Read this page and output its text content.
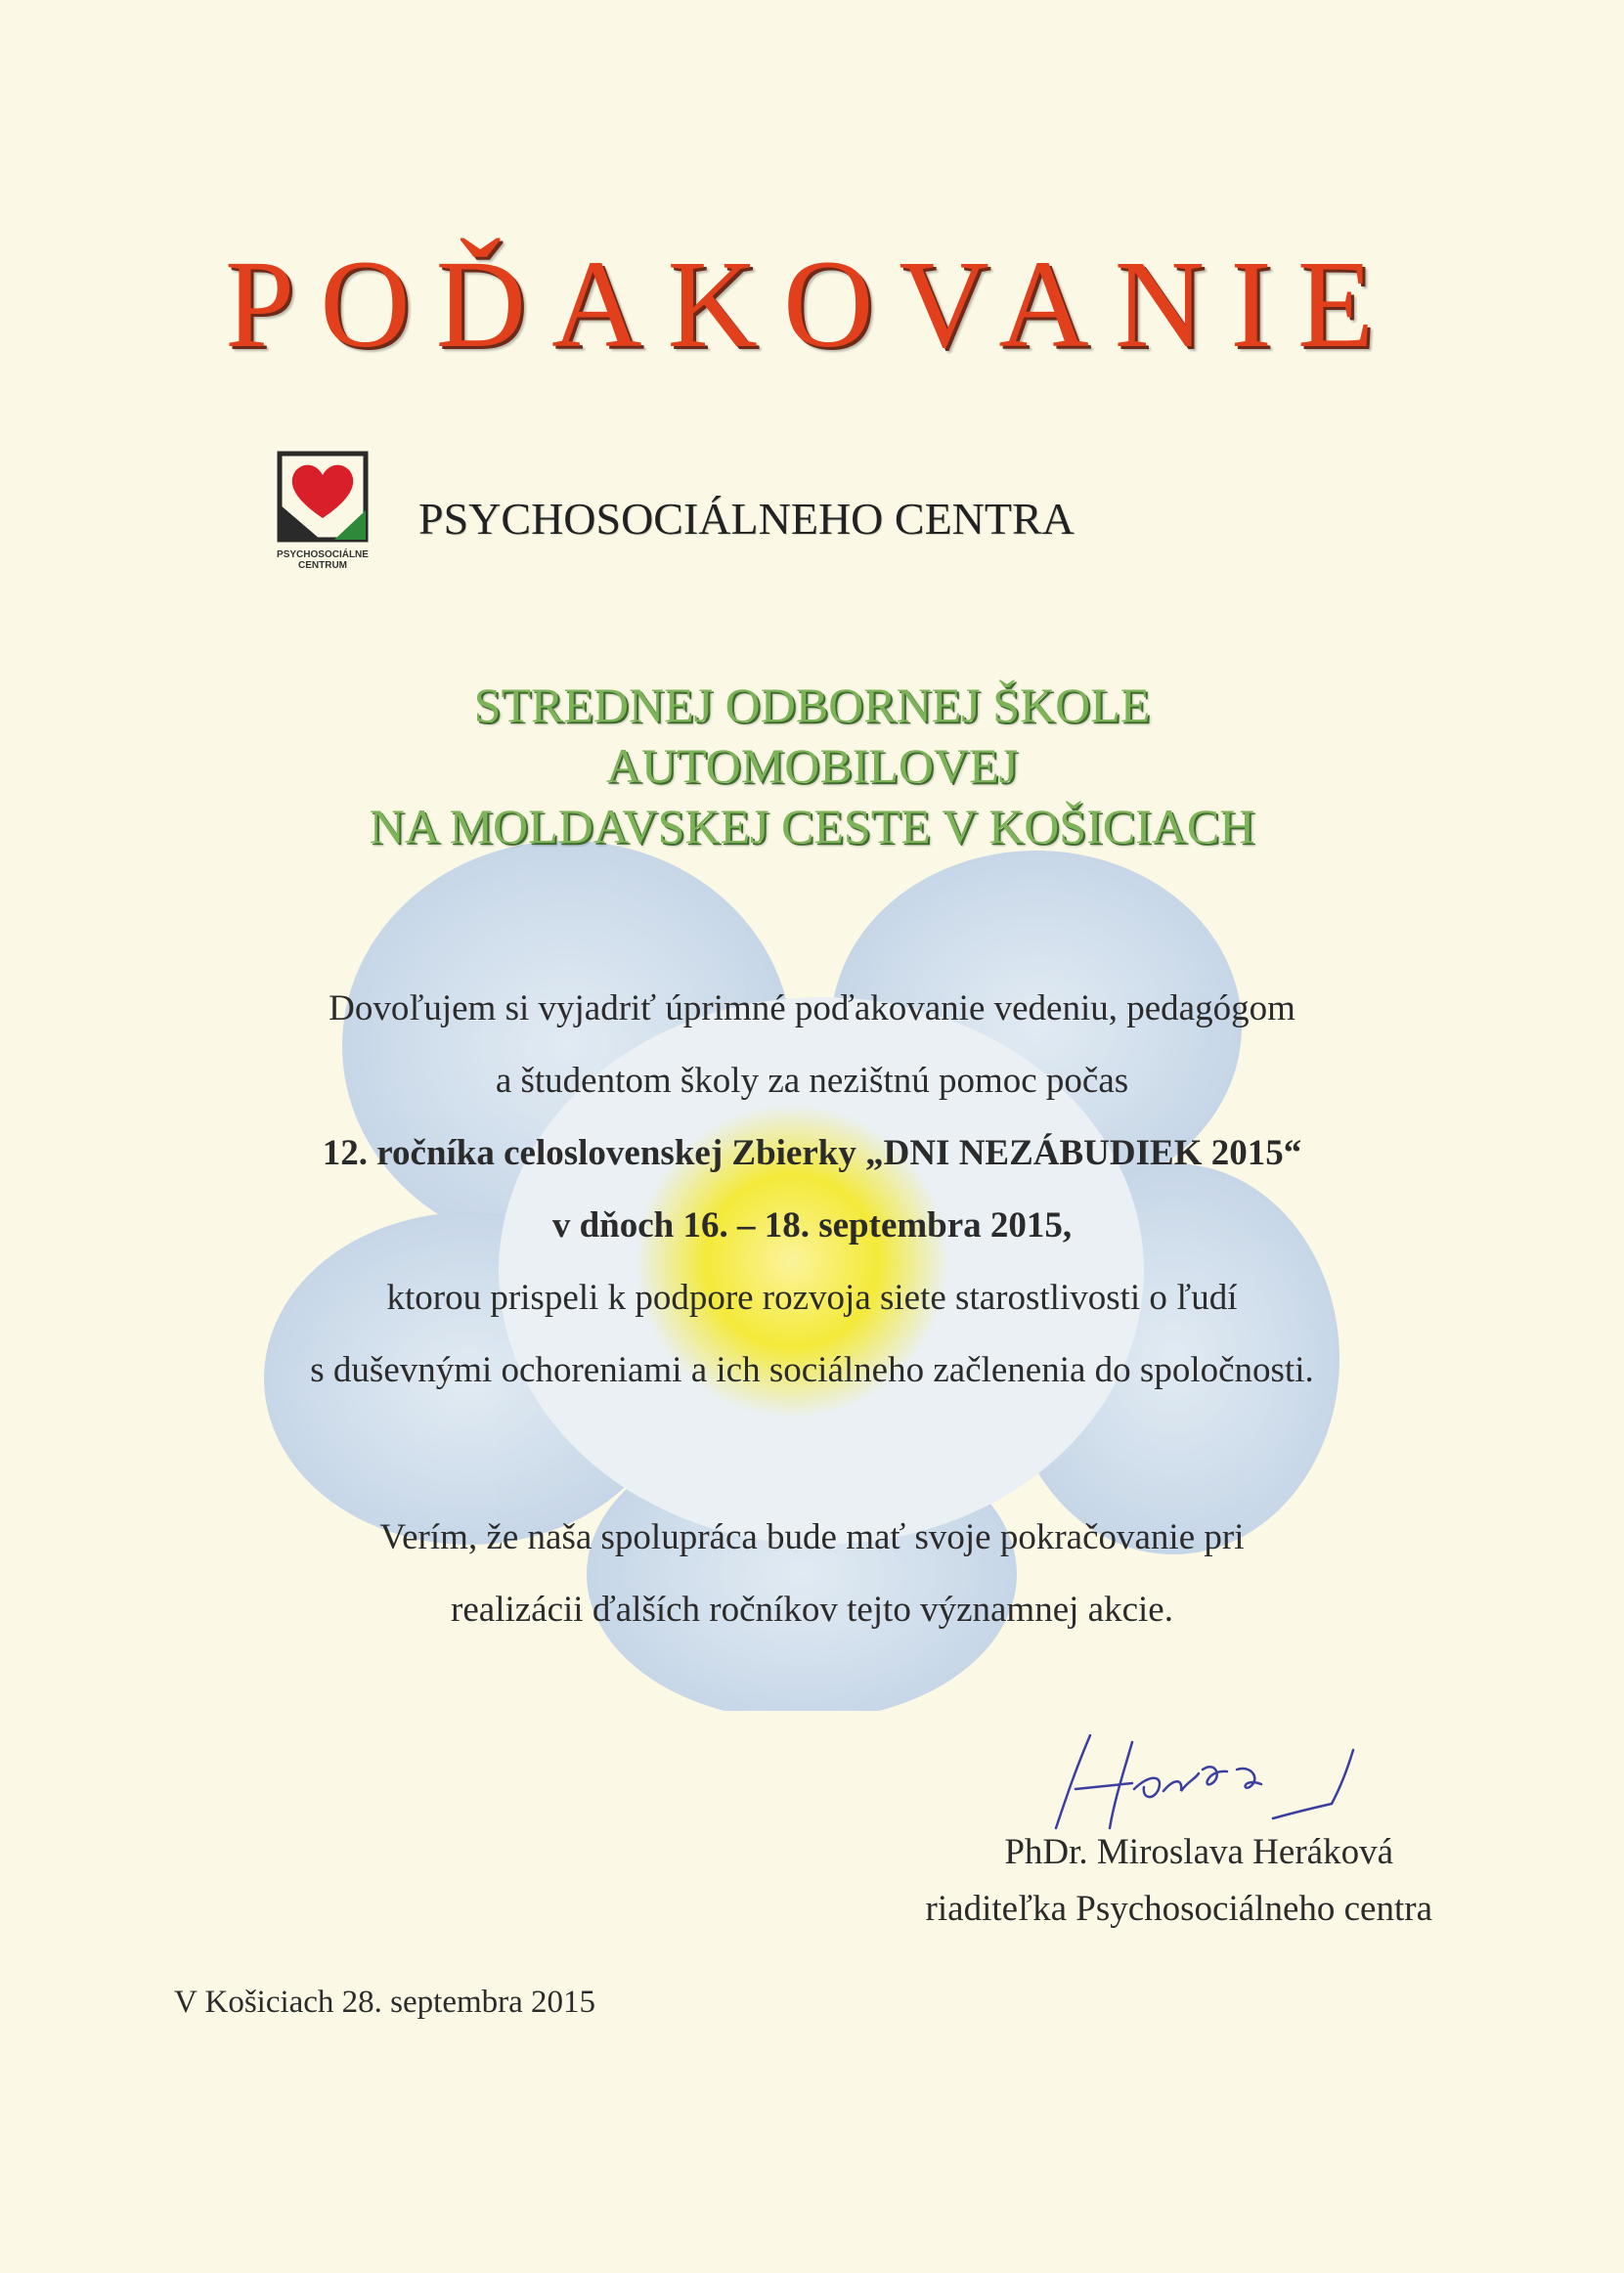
POĎAKOVANIE
PSYCHOSOCIÁLNE
CENTRUM
PSYCHOSOCIÁLNEHO CENTRA
STREDNEJ ODBORNEJ ŠKOLE
AUTOMOBILOVEJ
NA MOLDAVSKEJ CESTE V KOŠICIACH
Dovoľujem si vyjadriť úprimné poďakovanie vedeniu, pedagógom
a študentom školy za nezištnú pomoc počas
12. ročníka celoslovenskej Zbierky „DNI NEZÁBUDIEK 2015“
v dňoch 16. – 18. septembra 2015,
ktorou prispeli k podpore rozvoja siete starostlivosti o ľudí
s duševnými ochoreniami a ich sociálneho začlenenia do spoločnosti.
Verím, že naša spolupráca bude mať svoje pokračovanie pri
realizácii ďalších ročníkov tejto významnej akcie.
PhDr. Miroslava Heráková
riaditeľka Psychosociálneho centra
V Košiciach 28. septembra 2015
